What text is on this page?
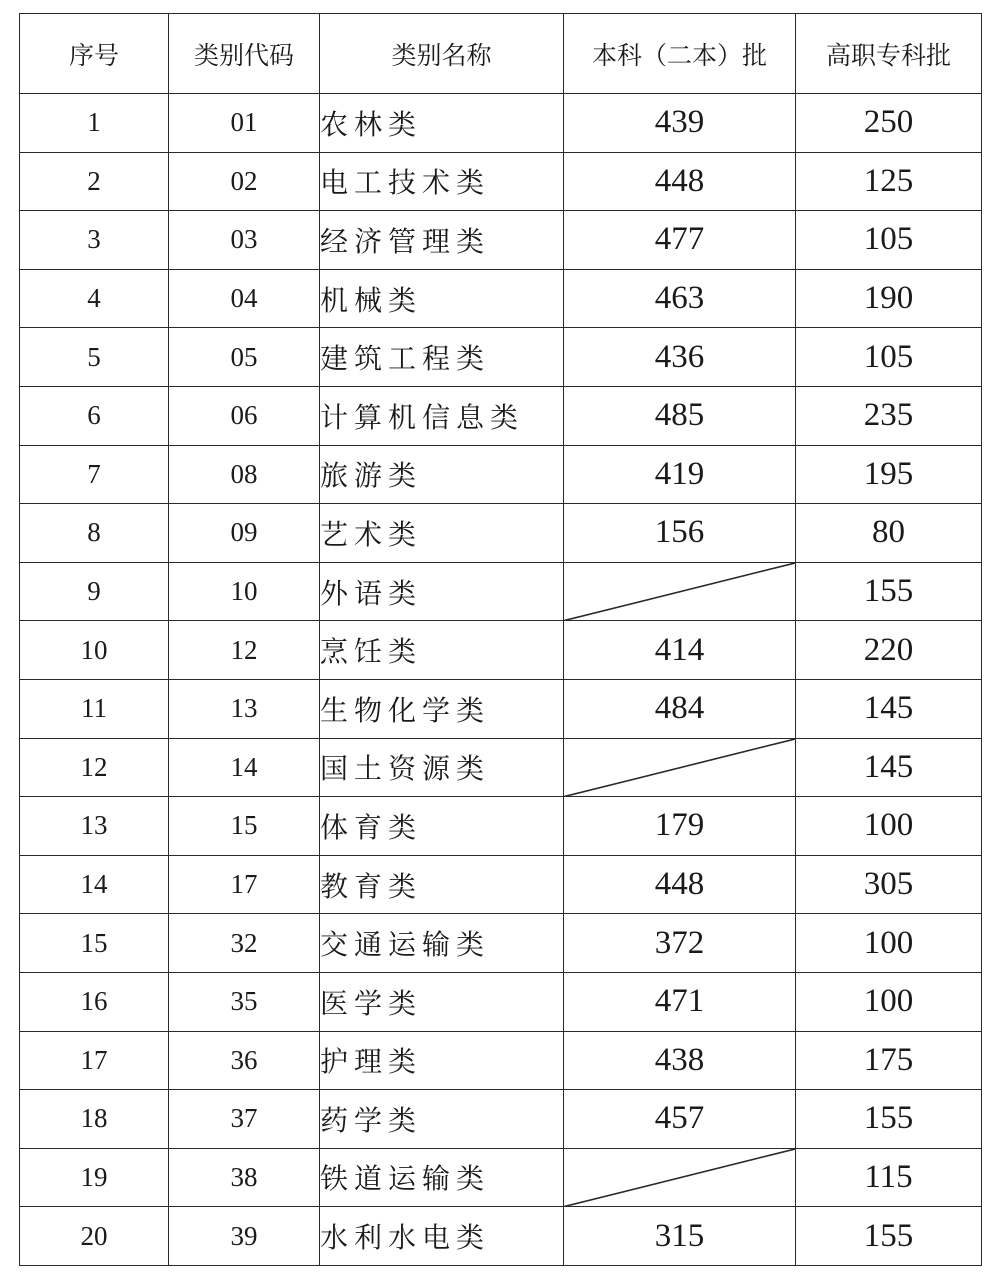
序号	类别代码	类别名称	本科（二本）批	高职专科批
1	01	农林类	439	250
2	02	电工技术类	448	125
3	03	经济管理类	477	105
4	04	机械类	463	190
5	05	建筑工程类	436	105
6	06	计算机信息类	485	235
7	08	旅游类	419	195
8	09	艺术类	156	80
9	10	外语类		155
10	12	烹饪类	414	220
11	13	生物化学类	484	145
12	14	国土资源类		145
13	15	体育类	179	100
14	17	教育类	448	305
15	32	交通运输类	372	100
16	35	医学类	471	100
17	36	护理类	438	175
18	37	药学类	457	155
19	38	铁道运输类		115
20	39	水利水电类	315	155
